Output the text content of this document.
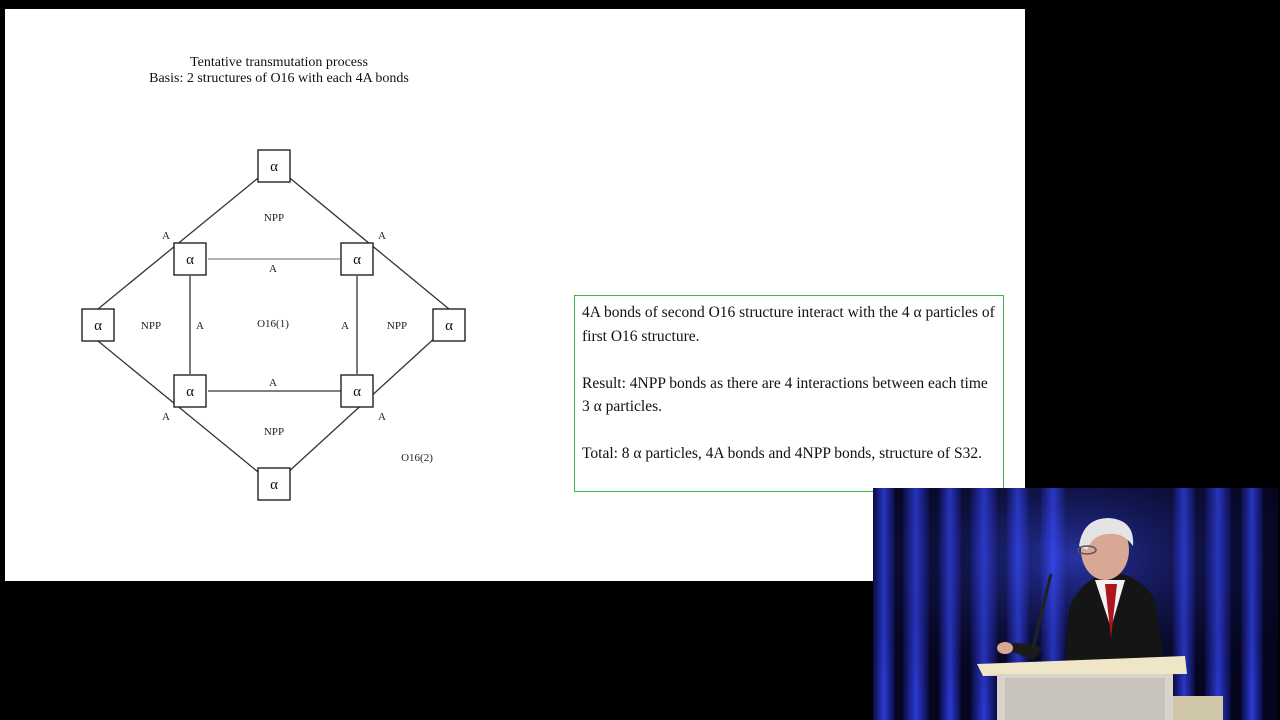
Tentative transmutation process
Basis: 2 structures of O16 with each 4A bonds
α
α	α
α	α
α	α
α
NPP
NPP	NPP
NPP
A	A
A	A
A
A
A	A
O16(1)
O16(2)

4A bonds of second O16 structure interact with the 4 α particles of first O16 structure.

Result: 4NPP bonds as there are 4 interactions between each time 3 α particles.

Total: 8 α particles, 4A bonds and 4NPP bonds, structure of S32.
